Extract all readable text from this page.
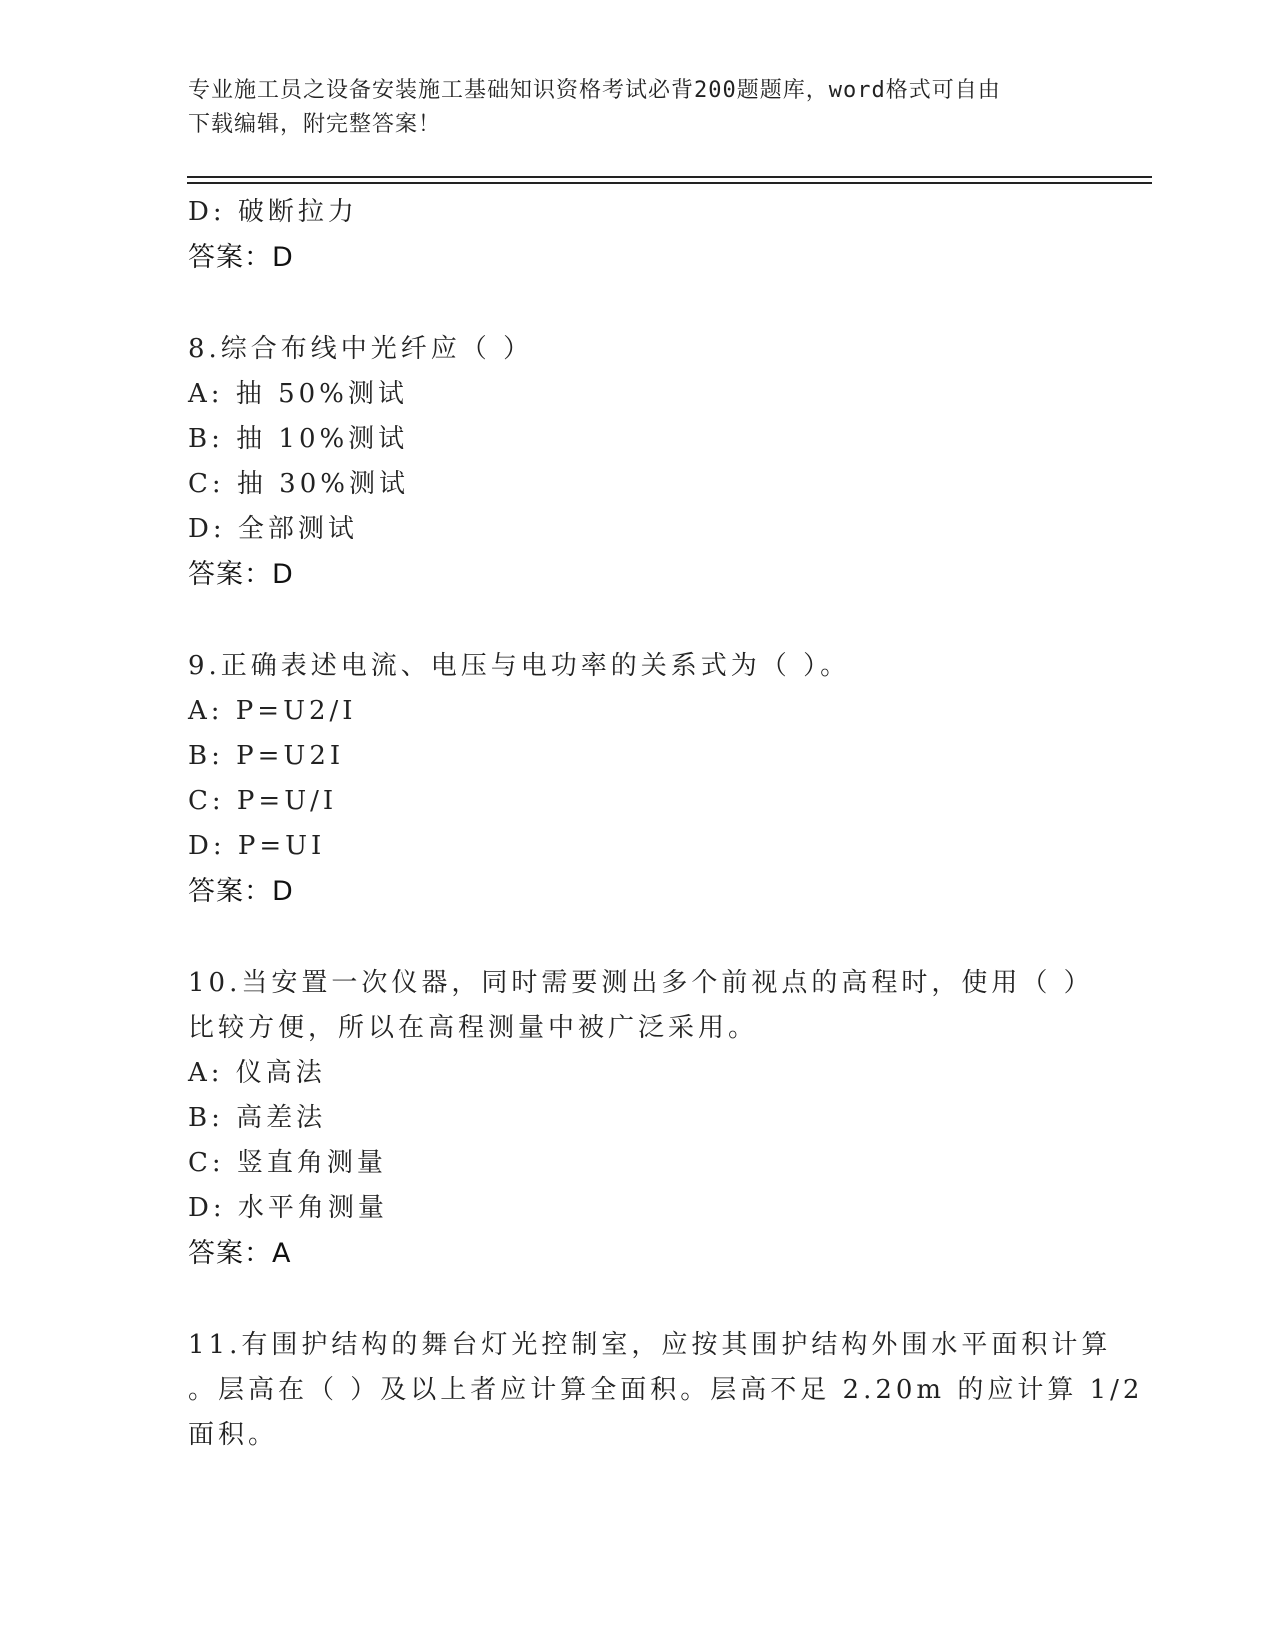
专业施工员之设备安装施工基础知识资格考试必背200题题库，word格式可自由
下载编辑，附完整答案！
D: 破断拉力
答案：D
8.综合布线中光纤应（ ）
A: 抽 50%测试
B: 抽 10%测试
C: 抽 30%测试
D: 全部测试
答案：D
9.正确表述电流、电压与电功率的关系式为（ ）。
A: P=U2/I
B: P=U2I
C: P=U/I
D: P=UI
答案：D
10.当安置一次仪器，同时需要测出多个前视点的高程时，使用（ ）
比较方便，所以在高程测量中被广泛采用。
A: 仪高法
B: 高差法
C: 竖直角测量
D: 水平角测量
答案：A
11.有围护结构的舞台灯光控制室，应按其围护结构外围水平面积计算
。层高在（ ）及以上者应计算全面积。层高不足 2.20m 的应计算 1/2
面积。
